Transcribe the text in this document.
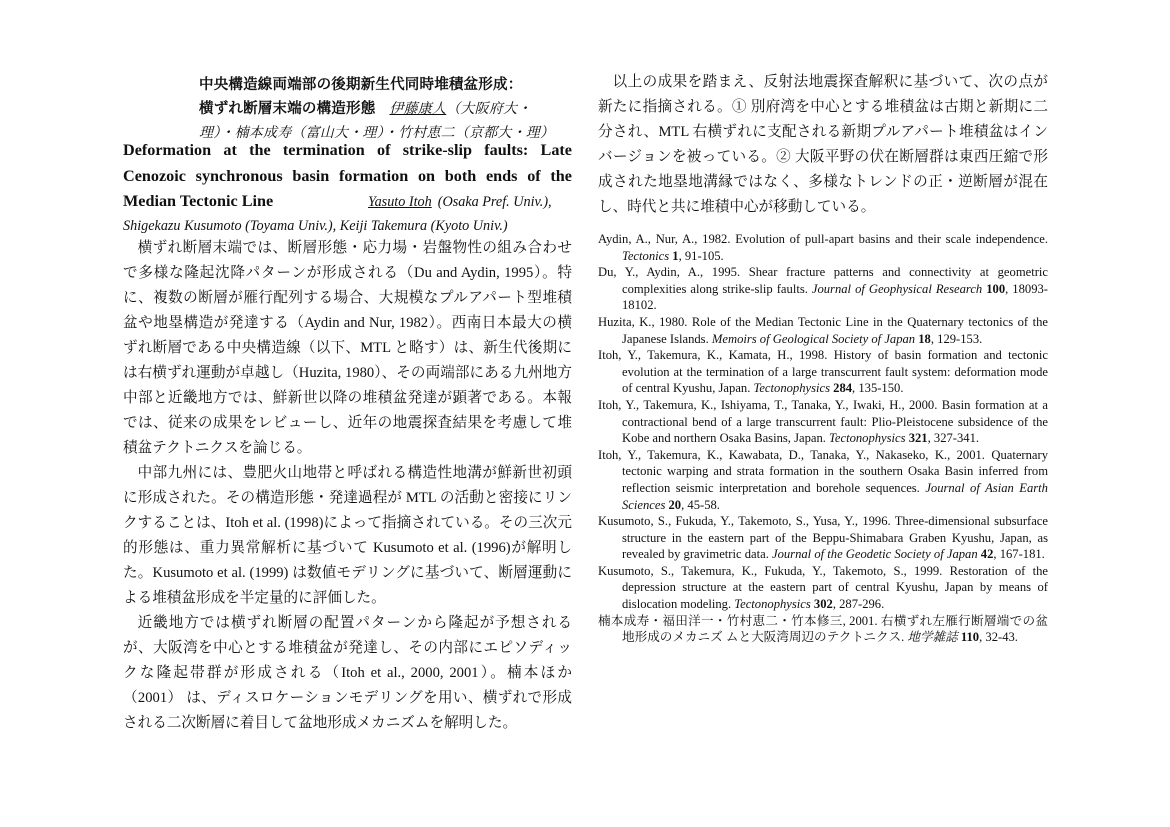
中央構造線両端部の後期新生代同時堆積盆形成：
横ずれ断層末端の構造形態 伊藤康人（大阪府大・
理）・楠本成寿（富山大・理）・竹村恵二（京都大・理）
Deformation at the termination of strike-slip faults: Late Cenozoic synchronous basin formation on both ends of the Median Tectonic Line	Yasuto Itoh (Osaka Pref. Univ.),
Shigekazu Kusumoto (Toyama Univ.), Keiji Takemura (Kyoto Univ.)

横ずれ断層末端では、断層形態・応力場・岩盤物性の組み合わせで多様な隆起沈降パターンが形成される（Du and Aydin, 1995）。特に、複数の断層が雁行配列する場合、大規模なプルアパート型堆積盆や地塁構造が発達する（Aydin and Nur, 1982）。西南日本最大の横ずれ断層である中央構造線（以下、MTL と略す）は、新生代後期には右横ずれ運動が卓越し（Huzita, 1980）、その両端部にある九州地方中部と近畿地方では、鮮新世以降の堆積盆発達が顕著である。本報では、従来の成果をレビューし、近年の地震探査結果を考慮して堆積盆テクトニクスを論じる。

中部九州には、豊肥火山地帯と呼ばれる構造性地溝が鮮新世初頭に形成された。その構造形態・発達過程が MTL の活動と密接にリンクすることは、Itoh et al. (1998)によって指摘されている。その三次元的形態は、重力異常解析に基づいて Kusumoto et al. (1996)が解明した。Kusumoto et al. (1999) は数値モデリングに基づいて、断層運動による堆積盆形成を半定量的に評価した。

近畿地方では横ずれ断層の配置パターンから隆起が予想されるが、大阪湾を中心とする堆積盆が発達し、その内部にエピソディックな隆起帯群が形成される（Itoh et al., 2000, 2001）。楠本ほか（2001） は、ディスロケーションモデリングを用い、横ずれで形成される二次断層に着目して盆地形成メカニズムを解明した。

以上の成果を踏まえ、反射法地震探査解釈に基づいて、次の点が新たに指摘される。① 別府湾を中心とする堆積盆は古期と新期に二分され、MTL 右横ずれに支配される新期プルアパート堆積盆はインバージョンを被っている。② 大阪平野の伏在断層群は東西圧縮で形成された地塁地溝縁ではなく、多様なトレンドの正・逆断層が混在し、時代と共に堆積中心が移動している。

Aydin, A., Nur, A., 1982. Evolution of pull-apart basins and their scale independence. Tectonics 1, 91-105.

Du, Y., Aydin, A., 1995. Shear fracture patterns and connectivity at geometric complexities along strike-slip faults. Journal of Geophysical Research 100, 18093-18102.

Huzita, K., 1980. Role of the Median Tectonic Line in the Quaternary tectonics of the Japanese Islands. Memoirs of Geological Society of Japan 18, 129-153.

Itoh, Y., Takemura, K., Kamata, H., 1998. History of basin formation and tectonic evolution at the termination of a large transcurrent fault system: deformation mode of central Kyushu, Japan. Tectonophysics 284, 135-150.

Itoh, Y., Takemura, K., Ishiyama, T., Tanaka, Y., Iwaki, H., 2000. Basin formation at a contractional bend of a large transcurrent fault: Plio-Pleistocene subsidence of the Kobe and northern Osaka Basins, Japan. Tectonophysics 321, 327-341.

Itoh, Y., Takemura, K., Kawabata, D., Tanaka, Y., Nakaseko, K., 2001. Quaternary tectonic warping and strata formation in the southern Osaka Basin inferred from reflection seismic interpretation and borehole sequences. Journal of Asian Earth Sciences 20, 45-58.

Kusumoto, S., Fukuda, Y., Takemoto, S., Yusa, Y., 1996. Three-dimensional subsurface structure in the eastern part of the Beppu-Shimabara Graben Kyushu, Japan, as revealed by gravimetric data. Journal of the Geodetic Society of Japan 42, 167-181.

Kusumoto, S., Takemura, K., Fukuda, Y., Takemoto, S., 1999. Restoration of the depression structure at the eastern part of central Kyushu, Japan by means of dislocation modeling. Tectonophysics 302, 287-296.

楠本成寿・福田洋一・竹村恵二・竹本修三, 2001. 右横ずれ左雁行断層端での盆地形成のメカニズ ムと大阪湾周辺のテクトニクス. 地学雑誌 110, 32-43.
